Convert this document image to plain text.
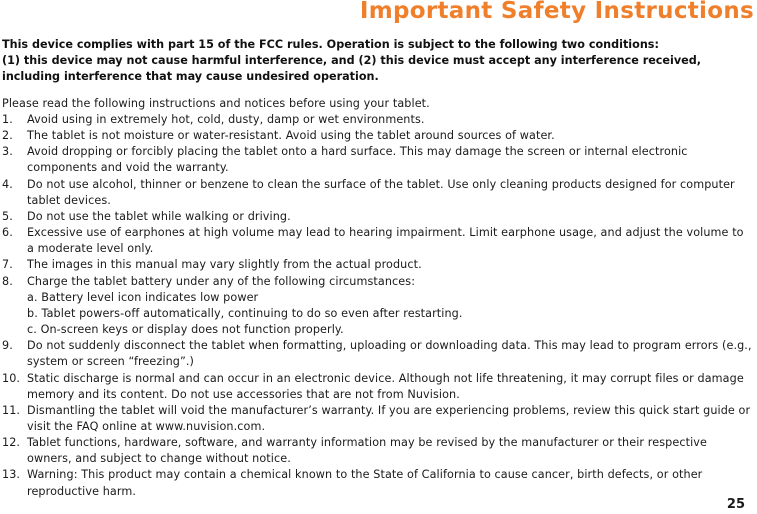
Important Safety Instructions

This device complies with part 15 of the FCC rules. Operation is subject to the following two conditions:

(1) this device may not cause harmful interference, and (2) this device must accept any interference received,

including interference that may cause undesired operation.

Please read the following instructions and notices before using your tablet.
1.	Avoid using in extremely hot, cold, dusty, damp or wet environments.
2.	The tablet is not moisture or water-resistant. Avoid using the tablet around sources of water.
3.	Avoid dropping or forcibly placing the tablet onto a hard surface. This may damage the screen or internal electronic components and void the warranty.
4.	Do not use alcohol, thinner or benzene to clean the surface of the tablet. Use only cleaning products designed for computer tablet devices.
5.	Do not use the tablet while walking or driving.
6.	Excessive use of earphones at high volume may lead to hearing impairment. Limit earphone usage, and adjust the volume to a moderate level only.
7.	The images in this manual may vary slightly from the actual product.
8.	Charge the tablet battery under any of the following circumstances:
a. Battery level icon indicates low power
b. Tablet powers-off automatically, continuing to do so even after restarting.
c. On-screen keys or display does not function properly.
9.	Do not suddenly disconnect the tablet when formatting, uploading or downloading data. This may lead to program errors (e.g., system or screen “freezing”.)
10. Static discharge is normal and can occur in an electronic device. Although not life threatening, it may corrupt files or damage memory and its content. Do not use accessories that are not from Nuvision.
11. Dismantling the tablet will void the manufacturer’s warranty. If you are experiencing problems, review this quick start guide or visit the FAQ online at www.nuvision.com.
12. Tablet functions, hardware, software, and warranty information may be revised by the manufacturer or their respective owners, and subject to change without notice.
13. Warning: This product may contain a chemical known to the State of California to cause cancer, birth defects, or other reproductive harm.
25
